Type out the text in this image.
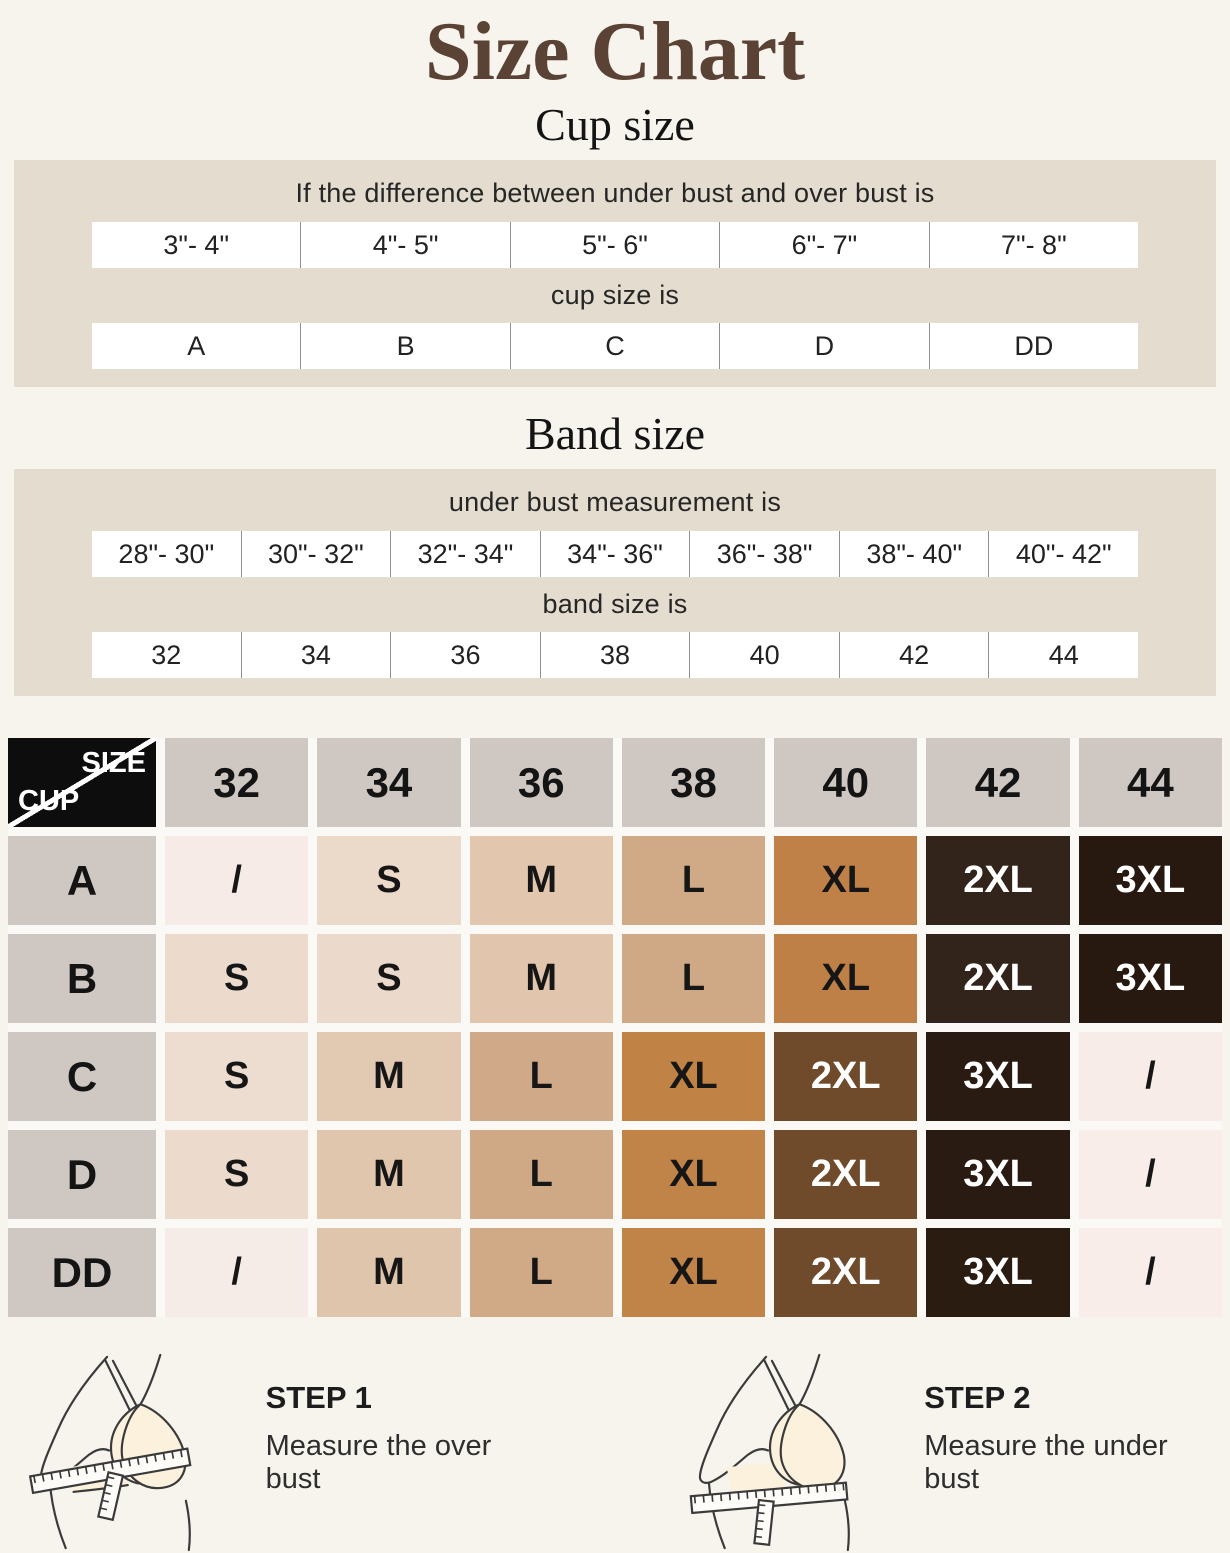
Size Chart
Cup size
If the difference between under bust and over bust is
3"- 4"	4"- 5"	5"- 6"	6"- 7"	7"- 8"
cup size is
A	B	C	D	DD
Band size
under bust measurement is
28"- 30"	30"- 32"	32"- 34"	34"- 36"	36"- 38"	38"- 40"	40"- 42"
band size is
32	34	36	38	40	42	44
SIZE
CUP	32	34	36	38	40	42	44
A	/	S	M	L	XL	2XL	3XL
B	S	S	M	L	XL	2XL	3XL
C	S	M	L	XL	2XL	3XL	/
D	S	M	L	XL	2XL	3XL	/
DD	/	M	L	XL	2XL	3XL	/
STEP 1
Measure the over bust
STEP 2
Measure the under bust
